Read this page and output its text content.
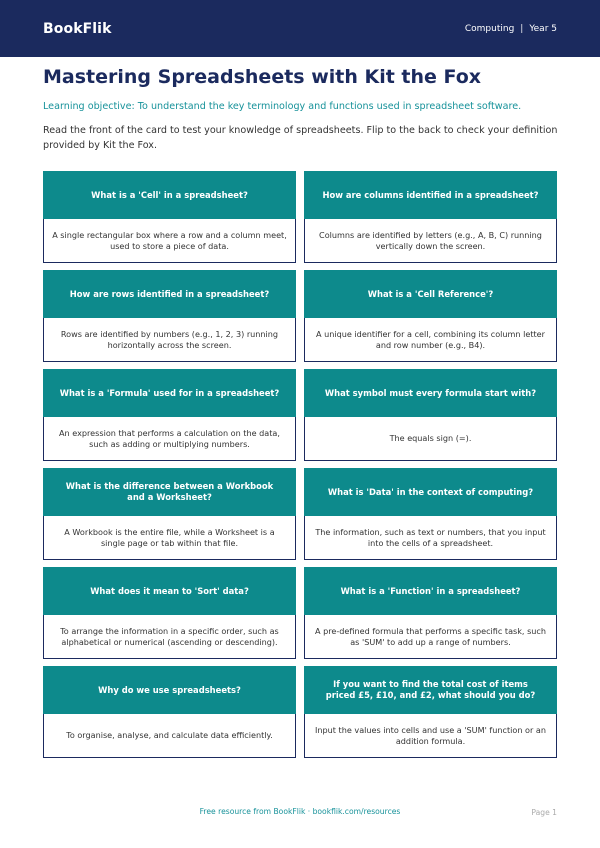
BookFlik	Computing | Year 5
Mastering Spreadsheets with Kit the Fox

Learning objective: To understand the key terminology and functions used in spreadsheet software.

Read the front of the card to test your knowledge of spreadsheets. Flip to the back to check your definition provided by Kit the Fox.

What is a 'Cell' in a spreadsheet?
A single rectangular box where a row and a column meet, used to store a piece of data.
How are columns identified in a spreadsheet?
Columns are identified by letters (e.g., A, B, C) running vertically down the screen.
How are rows identified in a spreadsheet?
Rows are identified by numbers (e.g., 1, 2, 3) running horizontally across the screen.
What is a 'Cell Reference'?
A unique identifier for a cell, combining its column letter and row number (e.g., B4).
What is a 'Formula' used for in a spreadsheet?
An expression that performs a calculation on the data, such as adding or multiplying numbers.
What symbol must every formula start with?
The equals sign (=).
What is the difference between a Workbook and a Worksheet?
A Workbook is the entire file, while a Worksheet is a single page or tab within that file.
What is 'Data' in the context of computing?
The information, such as text or numbers, that you input into the cells of a spreadsheet.
What does it mean to 'Sort' data?
To arrange the information in a specific order, such as alphabetical or numerical (ascending or descending).
What is a 'Function' in a spreadsheet?
A pre-defined formula that performs a specific task, such as 'SUM' to add up a range of numbers.
Why do we use spreadsheets?
To organise, analyse, and calculate data efficiently.
If you want to find the total cost of items priced £5, £10, and £2, what should you do?
Input the values into cells and use a 'SUM' function or an addition formula.
Free resource from BookFlik · bookflik.com/resources	Page 1
